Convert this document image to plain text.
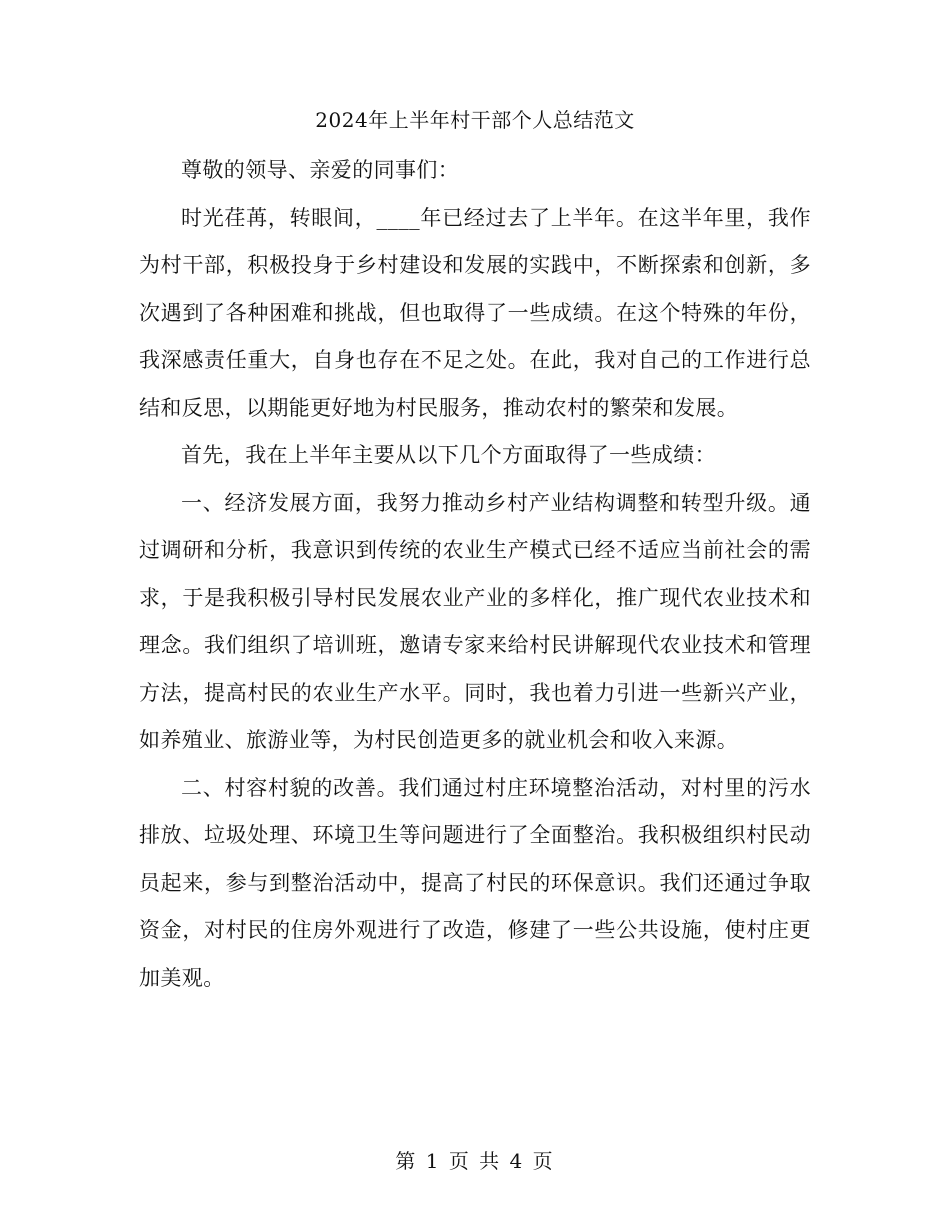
2024年上半年村干部个人总结范文

尊敬的领导、亲爱的同事们：

时光荏苒，转眼间，____年已经过去了上半年。在这半年里，我作为村干部，积极投身于乡村建设和发展的实践中，不断探索和创新，多次遇到了各种困难和挑战，但也取得了一些成绩。在这个特殊的年份，我深感责任重大，自身也存在不足之处。在此，我对自己的工作进行总结和反思，以期能更好地为村民服务，推动农村的繁荣和发展。

首先，我在上半年主要从以下几个方面取得了一些成绩：

一、经济发展方面，我努力推动乡村产业结构调整和转型升级。通过调研和分析，我意识到传统的农业生产模式已经不适应当前社会的需求，于是我积极引导村民发展农业产业的多样化，推广现代农业技术和理念。我们组织了培训班，邀请专家来给村民讲解现代农业技术和管理方法，提高村民的农业生产水平。同时，我也着力引进一些新兴产业，如养殖业、旅游业等，为村民创造更多的就业机会和收入来源。

二、村容村貌的改善。我们通过村庄环境整治活动，对村里的污水排放、垃圾处理、环境卫生等问题进行了全面整治。我积极组织村民动员起来，参与到整治活动中，提高了村民的环保意识。我们还通过争取资金，对村民的住房外观进行了改造，修建了一些公共设施，使村庄更加美观。

第 1 页 共 4 页
